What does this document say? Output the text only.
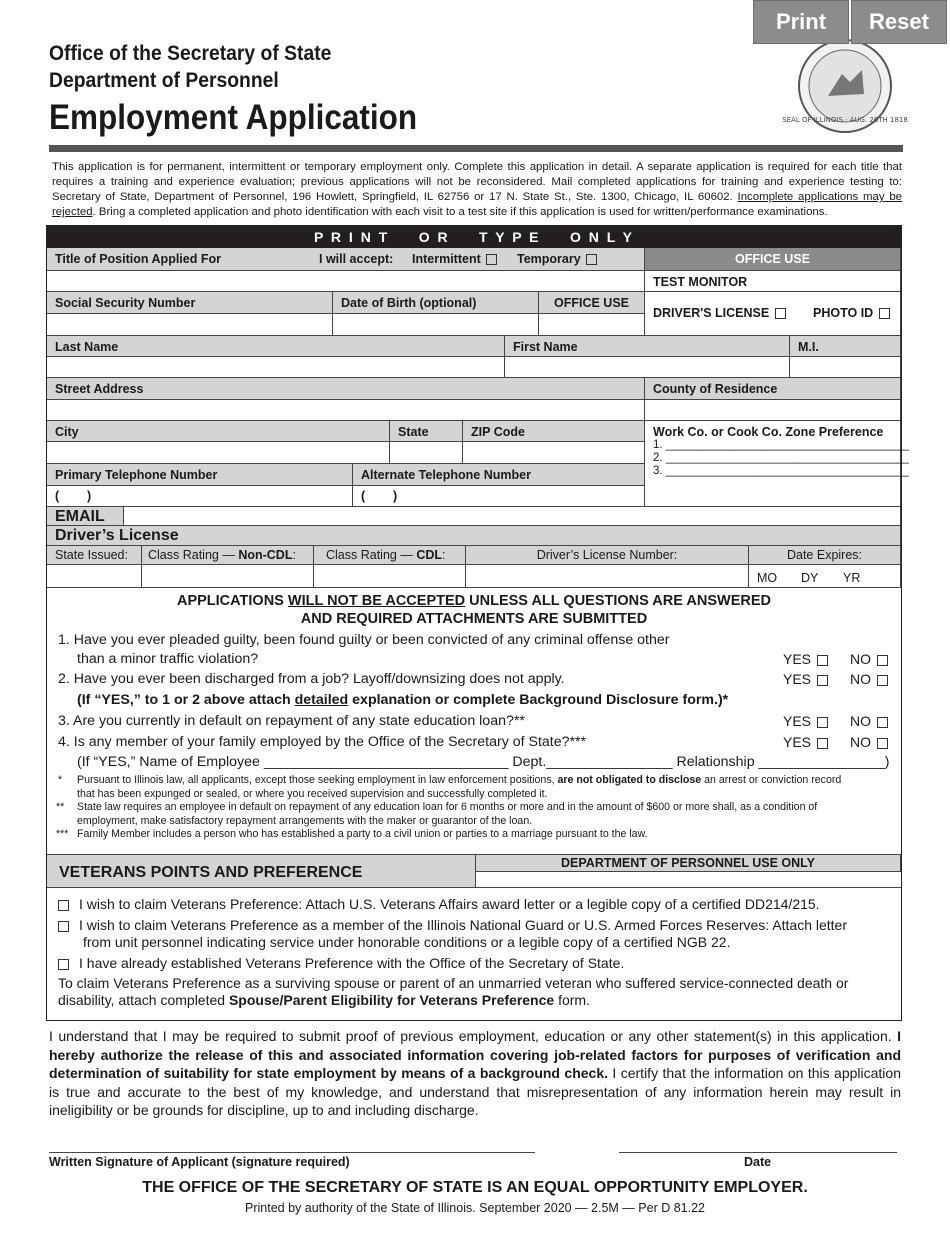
Office of the Secretary of State
Department of Personnel
Employment Application	SEAL OF ILLINOIS · AUG. 26TH 1818
Print	Reset
This application is for permanent, intermittent or temporary employment only. Complete this application in detail. A separate application is required for each title that requires a training and experience evaluation; previous applications will not be reconsidered. Mail completed applications for training and experience testing to: Secretary of State, Department of Personnel, 196 Howlett, Springfield, IL 62756 or 17 N. State St., Ste. 1300, Chicago, IL 60602. Incomplete applications may be rejected. Bring a completed application and photo identification with each visit to a test site if this application is used for written/performance examinations.
P R I N T     O R     T Y P E     O N L Y
Title of Position Applied For	I will accept: Intermittent	Temporary	OFFICE USE
TEST MONITOR
Social Security Number	Date of Birth (optional)	OFFICE USE
DRIVER'S LICENSE	PHOTO ID
Last Name	First Name	M.I.
Street Address	County of Residence
City	State	ZIP Code	Work Co. or Cook Co. Zone Preference
1. ______________________________________
2. ______________________________________
3. ______________________________________
Primary Telephone Number	Alternate Telephone Number
(        )	(        )
EMAIL
Driver’s License
State Issued:	Class Rating — Non-CDL:	Class Rating — CDL:	Driver’s License Number:	Date Expires:
MO DY YR
VETERANS POINTS AND PREFERENCE
DEPARTMENT OF PERSONNEL USE ONLY
APPLICATIONS WILL NOT BE ACCEPTED UNLESS ALL QUESTIONS ARE ANSWERED
AND REQUIRED ATTACHMENTS ARE SUBMITTED
1. Have you ever pleaded guilty, been found guilty or been convicted of any criminal offense other
than a minor traffic violation?
2. Have you ever been discharged from a job? Layoff/downsizing does not apply.
(If “YES,” to 1 or 2 above attach detailed explanation or complete Background Disclosure form.)*
3. Are you currently in default on repayment of any state education loan?**
4. Is any member of your family employed by the Office of the Secretary of State?***
(If “YES,” Name of Employee _______________________________ Dept.________________ Relationship ________________)
YES	NO
YES	NO
YES	NO
YES	NO
* Pursuant to Illinois law, all applicants, except those seeking employment in law enforcement positions, are not obligated to disclose an arrest or conviction record
that has been expunged or sealed, or where you received supervision and successfully completed it.
** State law requires an employee in default on repayment of any education loan for 6 months or more and in the amount of $600 or more shall, as a condition of
employment, make satisfactory repayment arrangements with the maker or guarantor of the loan.
*** Family Member includes a person who has established a party to a civil union or parties to a marriage pursuant to the law.
I wish to claim Veterans Preference: Attach U.S. Veterans Affairs award letter or a legible copy of a certified DD214/215.
I wish to claim Veterans Preference as a member of the Illinois National Guard or U.S. Armed Forces Reserves: Attach letter
from unit personnel indicating service under honorable conditions or a legible copy of a certified NGB 22.
I have already established Veterans Preference with the Office of the Secretary of State.
To claim Veterans Preference as a surviving spouse or parent of an unmarried veteran who suffered service-connected death or
disability, attach completed Spouse/Parent Eligibility for Veterans Preference form.
I understand that I may be required to submit proof of previous employment, education or any other statement(s) in this application. I hereby authorize the release of this and associated information covering job-related factors for purposes of verification and determination of suitability for state employment by means of a background check. I certify that the information on this application is true and accurate to the best of my knowledge, and understand that misrepresentation of any information herein may result in ineligibility or be grounds for discipline, up to and including discharge.
Written Signature of Applicant (signature required)	Date
THE OFFICE OF THE SECRETARY OF STATE IS AN EQUAL OPPORTUNITY EMPLOYER.
Printed by authority of the State of Illinois. September 2020 — 2.5M — Per D 81.22
